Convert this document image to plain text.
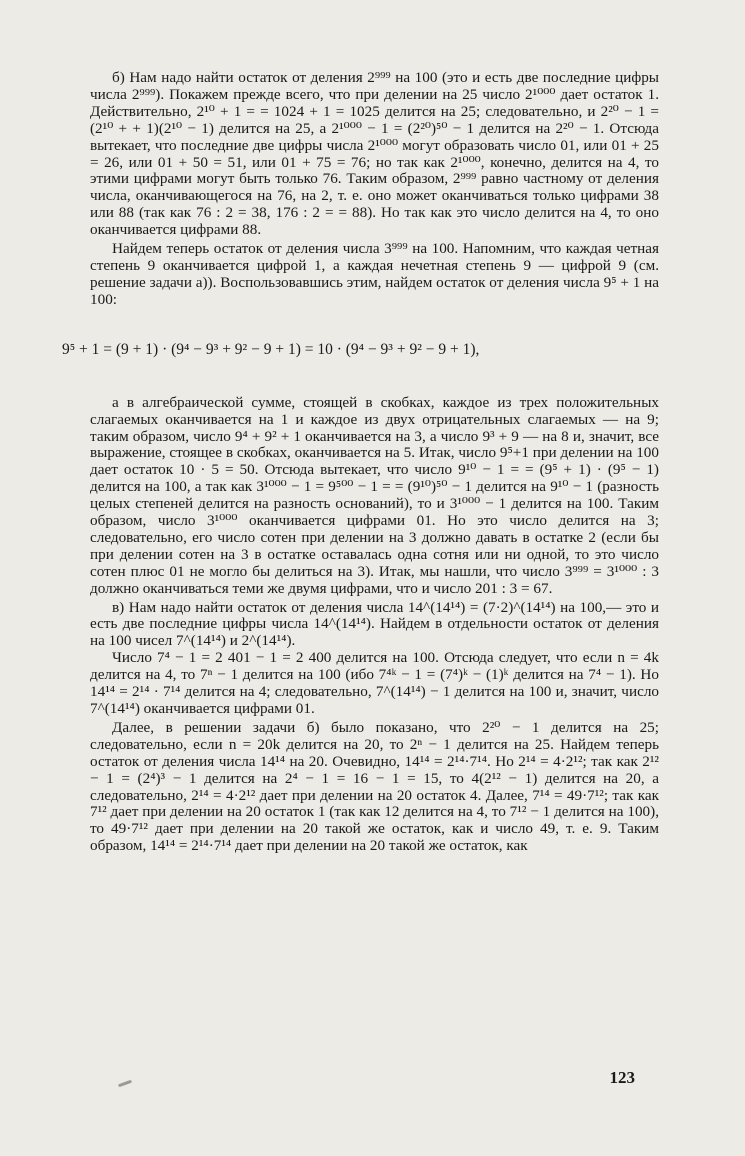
б) Нам надо найти остаток от деления 2⁹⁹⁹ на 100 (это и есть две последние цифры числа 2⁹⁹⁹). Покажем прежде всего, что при делении на 25 число 2¹⁰⁰⁰ дает остаток 1. Действительно, 2¹⁰ + 1 = = 1024 + 1 = 1025 делится на 25; следовательно, и 2²⁰ − 1 = (2¹⁰ + + 1)(2¹⁰ − 1) делится на 25, а 2¹⁰⁰⁰ − 1 = (2²⁰)⁵⁰ − 1 делится на 2²⁰ − 1. Отсюда вытекает, что последние две цифры числа 2¹⁰⁰⁰ могут образовать число 01, или 01 + 25 = 26, или 01 + 50 = 51, или 01 + 75 = 76; но так как 2¹⁰⁰⁰, конечно, делится на 4, то этими цифрами могут быть только 76. Таким образом, 2⁹⁹⁹ равно частному от деления числа, оканчивающегося на 76, на 2, т. е. оно может оканчиваться только цифрами 38 или 88 (так как 76 : 2 = 38, 176 : 2 = = 88). Но так как это число делится на 4, то оно оканчивается цифрами 88.

Найдем теперь остаток от деления числа 3⁹⁹⁹ на 100. Напомним, что каждая четная степень 9 оканчивается цифрой 1, а каждая нечетная степень 9 — цифрой 9 (см. решение задачи а)). Воспользовавшись этим, найдем остаток от деления числа 9⁵ + 1 на 100:

9⁵ + 1 = (9 + 1) · (9⁴ − 9³ + 9² − 9 + 1) = 10 · (9⁴ − 9³ + 9² − 9 + 1),

а в алгебраической сумме, стоящей в скобках, каждое из трех положительных слагаемых оканчивается на 1 и каждое из двух отрицательных слагаемых — на 9; таким образом, число 9⁴ + 9² + 1 оканчивается на 3, а число 9³ + 9 — на 8 и, значит, все выражение, стоящее в скобках, оканчивается на 5. Итак, число 9⁵+1 при делении на 100 дает остаток 10 · 5 = 50. Отсюда вытекает, что число 9¹⁰ − 1 = = (9⁵ + 1) · (9⁵ − 1) делится на 100, а так как 3¹⁰⁰⁰ − 1 = 9⁵⁰⁰ − 1 = = (9¹⁰)⁵⁰ − 1 делится на 9¹⁰ − 1 (разность целых степеней делится на разность оснований), то и 3¹⁰⁰⁰ − 1 делится на 100. Таким образом, число 3¹⁰⁰⁰ оканчивается цифрами 01. Но это число делится на 3; следовательно, его число сотен при делении на 3 должно давать в остатке 2 (если бы при делении сотен на 3 в остатке оставалась одна сотня или ни одной, то это число сотен плюс 01 не могло бы делиться на 3). Итак, мы нашли, что число 3⁹⁹⁹ = 3¹⁰⁰⁰ : 3 должно оканчиваться теми же двумя цифрами, что и число 201 : 3 = 67.

в) Нам надо найти остаток от деления числа 14^(14¹⁴) = (7·2)^(14¹⁴) на 100,— это и есть две последние цифры числа 14^(14¹⁴). Найдем в отдельности остаток от деления на 100 чисел 7^(14¹⁴) и 2^(14¹⁴).

Число 7⁴ − 1 = 2 401 − 1 = 2 400 делится на 100. Отсюда следует, что если n = 4k делится на 4, то 7ⁿ − 1 делится на 100 (ибо 7⁴ᵏ − 1 = (7⁴)ᵏ − (1)ᵏ делится на 7⁴ − 1). Но 14¹⁴ = 2¹⁴ · 7¹⁴ делится на 4; следовательно, 7^(14¹⁴) − 1 делится на 100 и, значит, число 7^(14¹⁴) оканчивается цифрами 01.

Далее, в решении задачи б) было показано, что 2²⁰ − 1 делится на 25; следовательно, если n = 20k делится на 20, то 2ⁿ − 1 делится на 25. Найдем теперь остаток от деления числа 14¹⁴ на 20. Очевидно, 14¹⁴ = 2¹⁴·7¹⁴. Но 2¹⁴ = 4·2¹²; так как 2¹² − 1 = (2⁴)³ − 1 делится на 2⁴ − 1 = 16 − 1 = 15, то 4(2¹² − 1) делится на 20, а следовательно, 2¹⁴ = 4·2¹² дает при делении на 20 остаток 4. Далее, 7¹⁴ = 49·7¹²; так как 7¹² дает при делении на 20 остаток 1 (так как 12 делится на 4, то 7¹² − 1 делится на 100), то 49·7¹² дает при делении на 20 такой же остаток, как и число 49, т. е. 9. Таким образом, 14¹⁴ = 2¹⁴·7¹⁴ дает при делении на 20 такой же остаток, как

123
